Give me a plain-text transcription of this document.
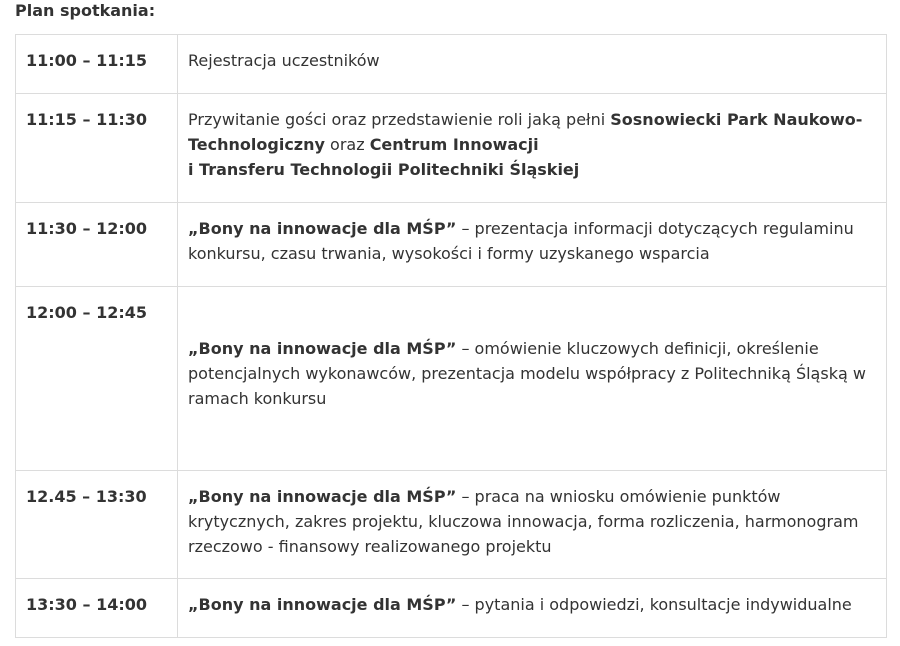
Plan spotkania:

11:00 – 11:15	Rejestracja uczestników
11:15 – 11:30	Przywitanie gości oraz przedstawienie roli jaką pełni Sosnowiecki Park Naukowo-Technologiczny oraz Centrum Innowacji
i Transferu Technologii Politechniki Śląskiej
11:30 – 12:00	„Bony na innowacje dla MŚP” – prezentacja informacji dotyczących regulaminu konkursu, czasu trwania, wysokości i formy uzyskanego wsparcia
12:00 – 12:45	„Bony na innowacje dla MŚP” – omówienie kluczowych definicji, określenie potencjalnych wykonawców, prezentacja modelu współpracy z Politechniką Śląską w ramach konkursu
12.45 – 13:30	„Bony na innowacje dla MŚP” – praca na wniosku omówienie punktów krytycznych, zakres projektu, kluczowa innowacja, forma rozliczenia, harmonogram rzeczowo - finansowy realizowanego projektu
13:30 – 14:00	„Bony na innowacje dla MŚP” – pytania i odpowiedzi, konsultacje indywidualne
